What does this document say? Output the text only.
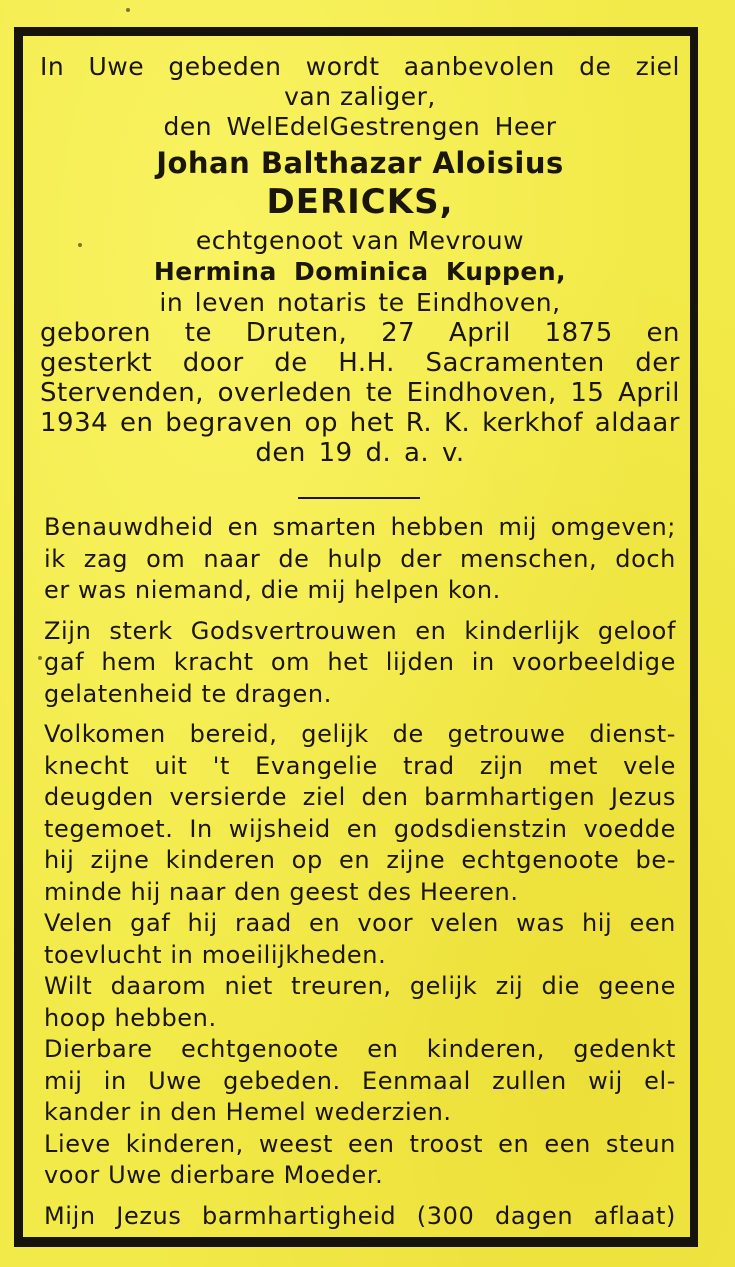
In Uwe gebeden wordt aanbevolen de ziel
van zaliger,
den WelEdelGestrengen Heer
Johan Balthazar Aloisius
DERICKS,
echtgenoot van Mevrouw
Hermina Dominica Kuppen,
in leven notaris te Eindhoven,
geboren te Druten, 27 April 1875 en
gesterkt door de H.H. Sacramenten der
Stervenden, overleden te Eindhoven, 15 April
1934 en begraven op het R. K. kerkhof aldaar
den 19 d. a. v.
Benauwdheid en smarten hebben mij omgeven;
ik zag om naar de hulp der menschen, doch
er was niemand, die mij helpen kon.
Zijn sterk Godsvertrouwen en kinderlijk geloof
gaf hem kracht om het lijden in voorbeeldige
gelatenheid te dragen.
Volkomen bereid, gelijk de getrouwe dienst-
knecht uit 't Evangelie trad zijn met vele
deugden versierde ziel den barmhartigen Jezus
tegemoet. In wijsheid en godsdienstzin voedde
hij zijne kinderen op en zijne echtgenoote be-
minde hij naar den geest des Heeren.
Velen gaf hij raad en voor velen was hij een
toevlucht in moeilijkheden.
Wilt daarom niet treuren, gelijk zij die geene
hoop hebben.
Dierbare echtgenoote en kinderen, gedenkt
mij in Uwe gebeden. Eenmaal zullen wij el-
kander in den Hemel wederzien.
Lieve kinderen, weest een troost en een steun
voor Uwe dierbare Moeder.
Mijn Jezus barmhartigheid (300 dagen aflaat)
